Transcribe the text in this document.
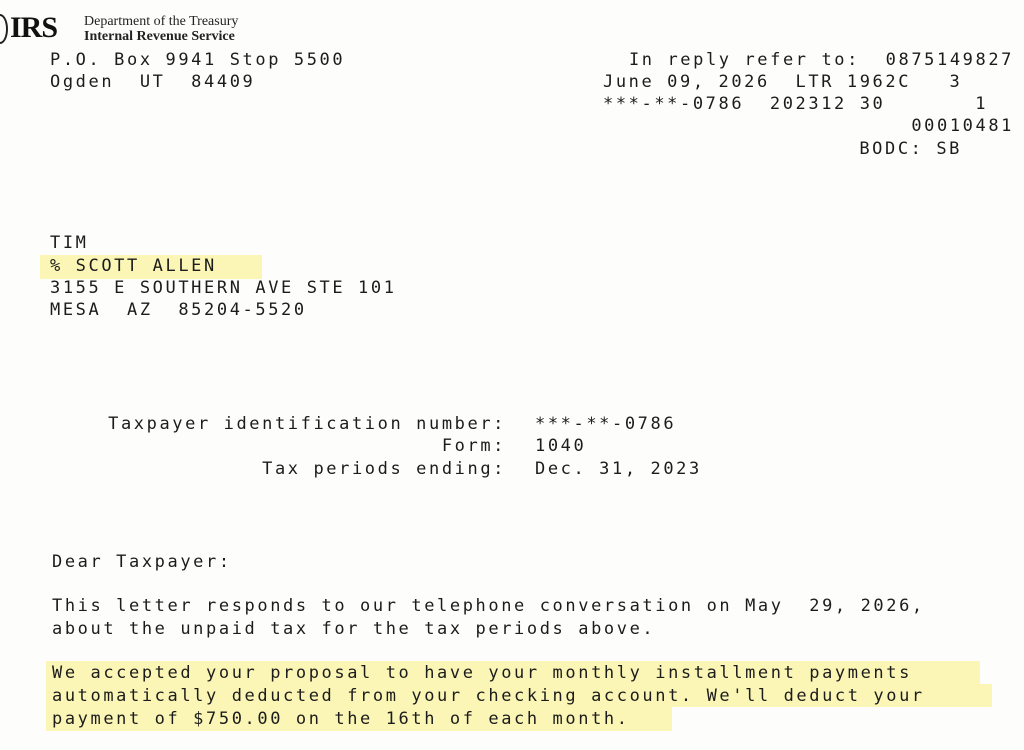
IRS Department of the Treasury
Internal Revenue Service
P.O. Box 9941 Stop 5500
Ogden  UT  84409
In reply refer to:  0875149827
June 09, 2026  LTR 1962C   3
***-**-0786  202312 30       1
00010481
BODC: SB
TIM
% SCOTT ALLEN
3155 E SOUTHERN AVE STE 101
MESA  AZ  85204-5520
Taxpayer identification number: ***-**-0786
Form: 1040
Tax periods ending: Dec. 31, 2023
Dear Taxpayer:
This letter responds to our telephone conversation on May  29, 2026,
about the unpaid tax for the tax periods above.
We accepted your proposal to have your monthly installment payments
automatically deducted from your checking account. We'll deduct your
payment of $750.00 on the 16th of each month.
